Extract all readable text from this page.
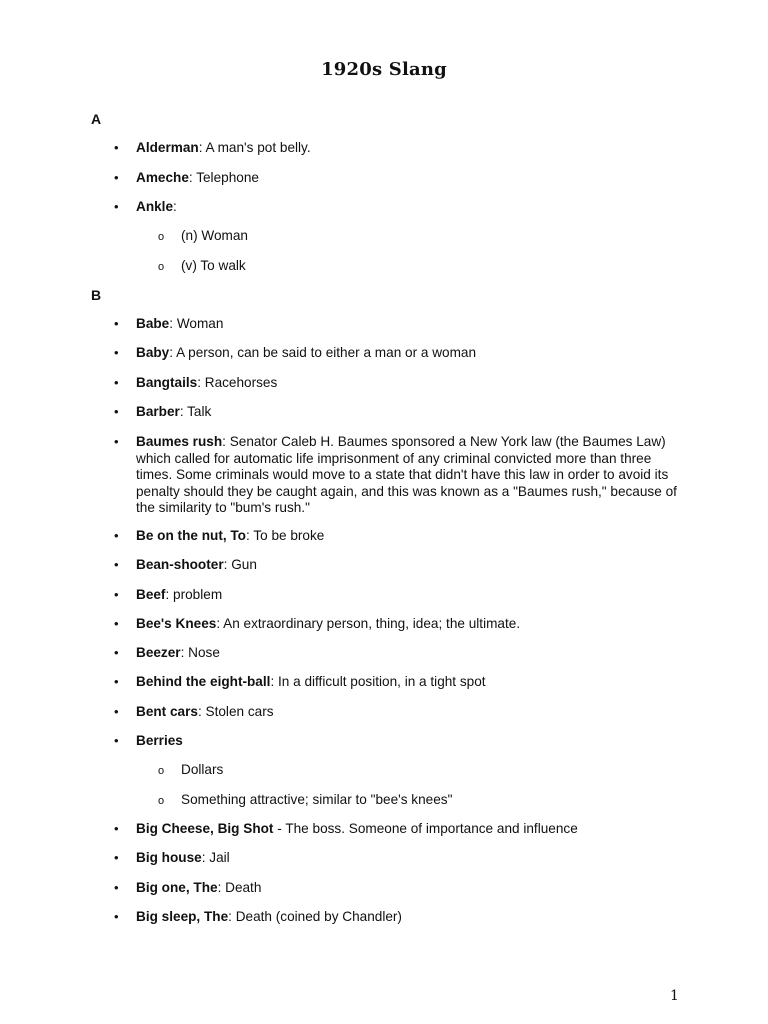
1920s Slang
A
• Alderman: A man's pot belly.
• Ameche: Telephone
• Ankle:
o (n) Woman
o (v) To walk
B
• Babe: Woman
• Baby: A person, can be said to either a man or a woman
• Bangtails: Racehorses
• Barber: Talk
• Baumes rush: Senator Caleb H. Baumes sponsored a New York law (the Baumes Law) which called for automatic life imprisonment of any criminal convicted more than three times. Some criminals would move to a state that didn't have this law in order to avoid its penalty should they be caught again, and this was known as a "Baumes rush," because of the similarity to "bum's rush."
• Be on the nut, To: To be broke
• Bean-shooter: Gun
• Beef: problem
• Bee's Knees: An extraordinary person, thing, idea; the ultimate.
• Beezer: Nose
• Behind the eight-ball: In a difficult position, in a tight spot
• Bent cars: Stolen cars
• Berries
o Dollars
o Something attractive; similar to "bee's knees"
• Big Cheese, Big Shot - The boss. Someone of importance and influence
• Big house: Jail
• Big one, The: Death
• Big sleep, The: Death (coined by Chandler)
1
